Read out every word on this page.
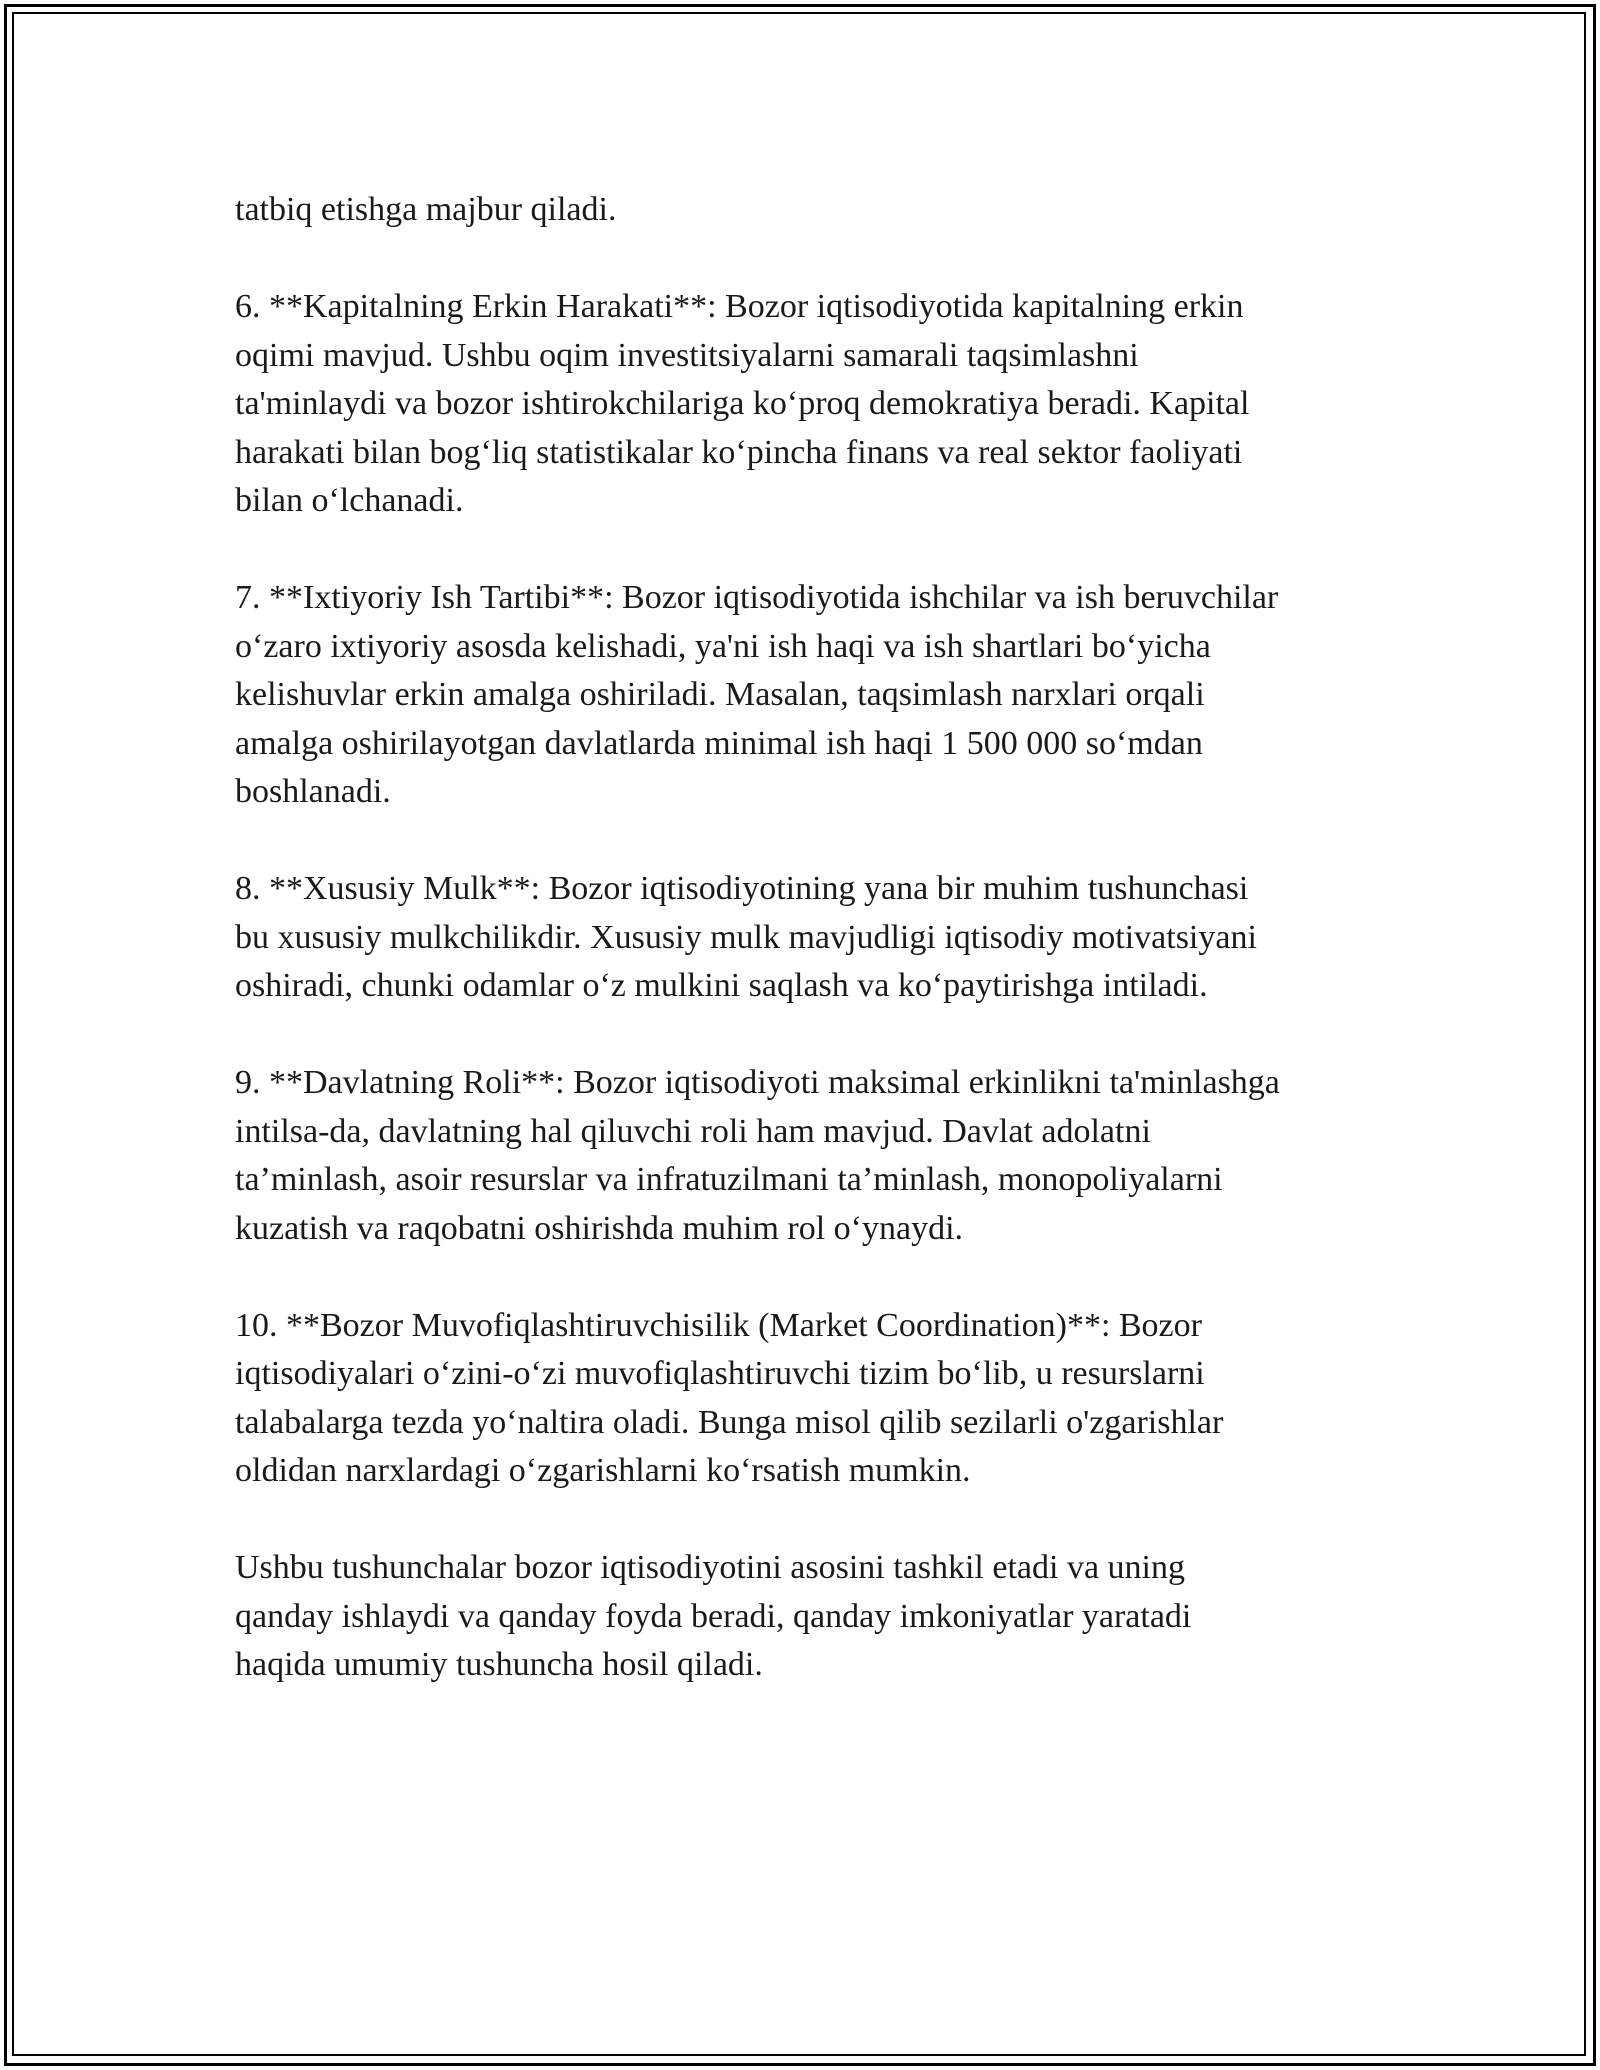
tatbiq etishga majbur qiladi.

6. **Kapitalning Erkin Harakati**: Bozor iqtisodiyotida kapitalning erkin
oqimi mavjud. Ushbu oqim investitsiyalarni samarali taqsimlashni
ta'minlaydi va bozor ishtirokchilariga ko‘proq demokratiya beradi. Kapital
harakati bilan bog‘liq statistikalar ko‘pincha finans va real sektor faoliyati
bilan o‘lchanadi.

7. **Ixtiyoriy Ish Tartibi**: Bozor iqtisodiyotida ishchilar va ish beruvchilar
o‘zaro ixtiyoriy asosda kelishadi, ya'ni ish haqi va ish shartlari bo‘yicha
kelishuvlar erkin amalga oshiriladi. Masalan, taqsimlash narxlari orqali
amalga oshirilayotgan davlatlarda minimal ish haqi 1 500 000 so‘mdan
boshlanadi.

8. **Xususiy Mulk**: Bozor iqtisodiyotining yana bir muhim tushunchasi
bu xususiy mulkchilikdir. Xususiy mulk mavjudligi iqtisodiy motivatsiyani
oshiradi, chunki odamlar o‘z mulkini saqlash va ko‘paytirishga intiladi.

9. **Davlatning Roli**: Bozor iqtisodiyoti maksimal erkinlikni ta'minlashga
intilsa-da, davlatning hal qiluvchi roli ham mavjud. Davlat adolatni
ta’minlash, asoir resurslar va infratuzilmani ta’minlash, monopoliyalarni
kuzatish va raqobatni oshirishda muhim rol o‘ynaydi.

10. **Bozor Muvofiqlashtiruvchisilik (Market Coordination)**: Bozor
iqtisodiyalari o‘zini-o‘zi muvofiqlashtiruvchi tizim bo‘lib, u resurslarni
talabalarga tezda yo‘naltira oladi. Bunga misol qilib sezilarli o'zgarishlar
oldidan narxlardagi o‘zgarishlarni ko‘rsatish mumkin.

Ushbu tushunchalar bozor iqtisodiyotini asosini tashkil etadi va uning
qanday ishlaydi va qanday foyda beradi, qanday imkoniyatlar yaratadi
haqida umumiy tushuncha hosil qiladi.
